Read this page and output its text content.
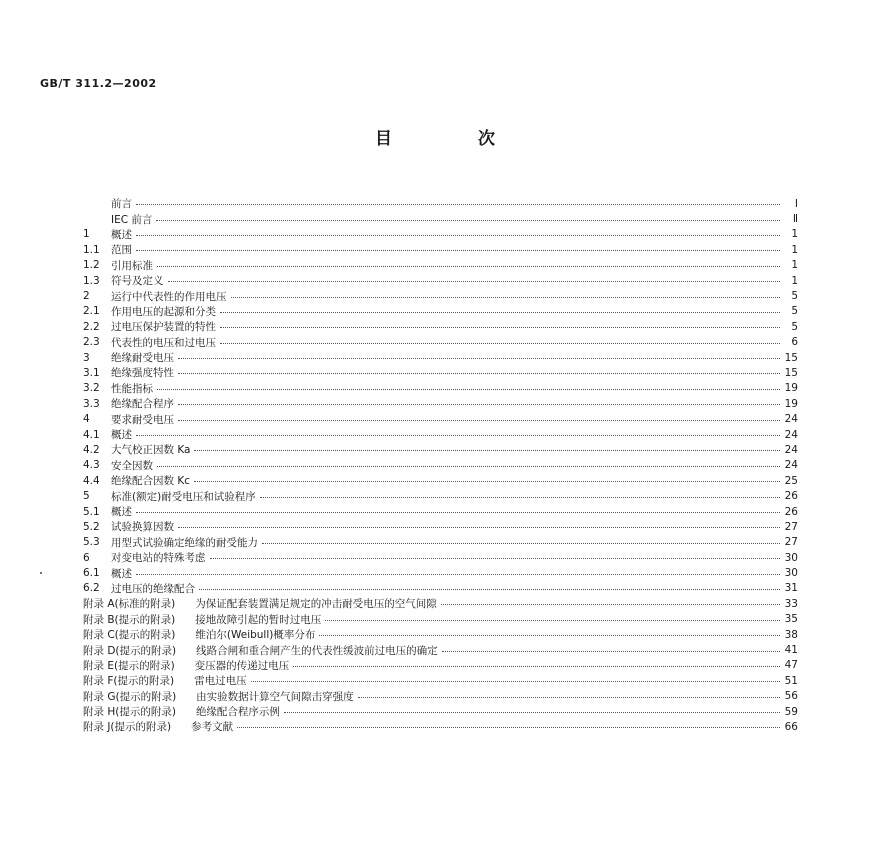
GB/T 311.2—2002
目	次
前言	Ⅰ
IEC 前言	Ⅱ
1	概述	1
1.1	范围	1
1.2	引用标准	1
1.3	符号及定义	1
2	运行中代表性的作用电压	5
2.1	作用电压的起源和分类	5
2.2	过电压保护装置的特性	5
2.3	代表性的电压和过电压	6
3	绝缘耐受电压	15
3.1	绝缘强度特性	15
3.2	性能指标	19
3.3	绝缘配合程序	19
4	要求耐受电压	24
4.1	概述	24
4.2	大气校正因数 Ka	24
4.3	安全因数	24
4.4	绝缘配合因数 Kc	25
5	标准(额定)耐受电压和试验程序	26
5.1	概述	26
5.2	试验换算因数	27
5.3	用型式试验确定绝缘的耐受能力	27
6	对变电站的特殊考虑	30
6.1	概述	30
6.2	过电压的绝缘配合	31
附录 A(标准的附录)	为保证配套装置满足规定的冲击耐受电压的空气间隙	33
附录 B(提示的附录)	接地故障引起的暂时过电压	35
附录 C(提示的附录)	维泊尔(Weibull)概率分布	38
附录 D(提示的附录)	线路合闸和重合闸产生的代表性缓波前过电压的确定	41
附录 E(提示的附录)	变压器的传递过电压	47
附录 F(提示的附录)	雷电过电压	51
附录 G(提示的附录)	由实验数据计算空气间隙击穿强度	56
附录 H(提示的附录)	绝缘配合程序示例	59
附录 J(提示的附录)	参考文献	66
